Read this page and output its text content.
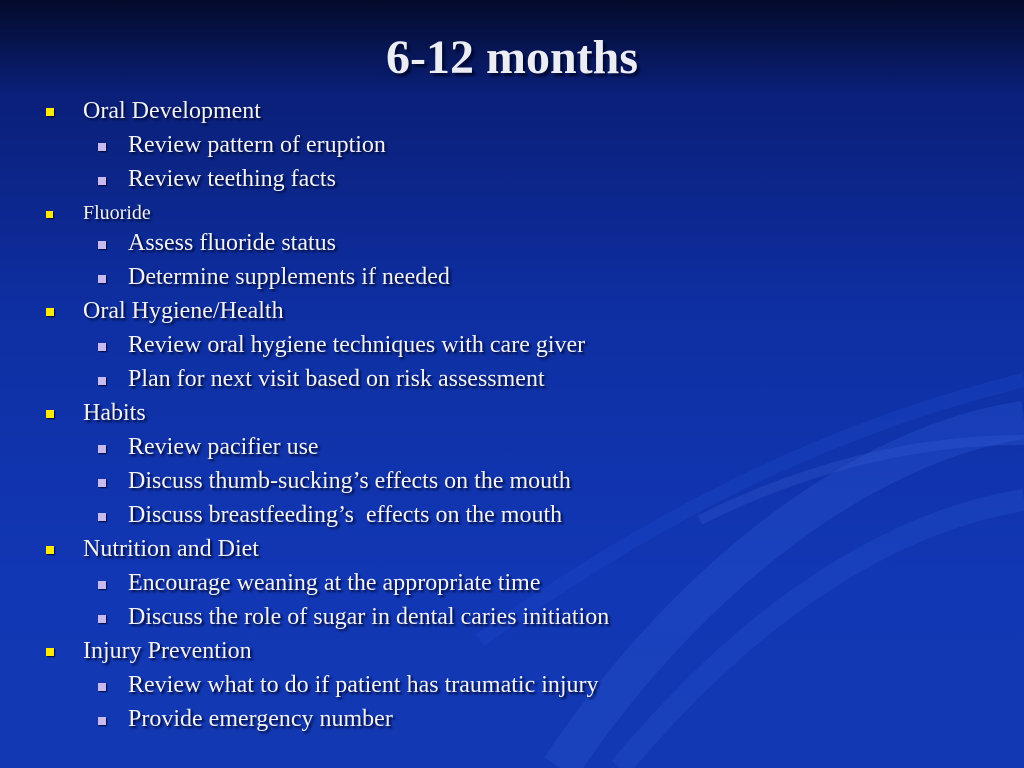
6-12 months
Oral Development
Review pattern of eruption
Review teething facts
Fluoride
Assess fluoride status
Determine supplements if needed
Oral Hygiene/Health
Review oral hygiene techniques with care giver
Plan for next visit based on risk assessment
Habits
Review pacifier use
Discuss thumb-sucking’s effects on the mouth
Discuss breastfeeding’s  effects on the mouth
Nutrition and Diet
Encourage weaning at the appropriate time
Discuss the role of sugar in dental caries initiation
Injury Prevention
Review what to do if patient has traumatic injury
Provide emergency number
